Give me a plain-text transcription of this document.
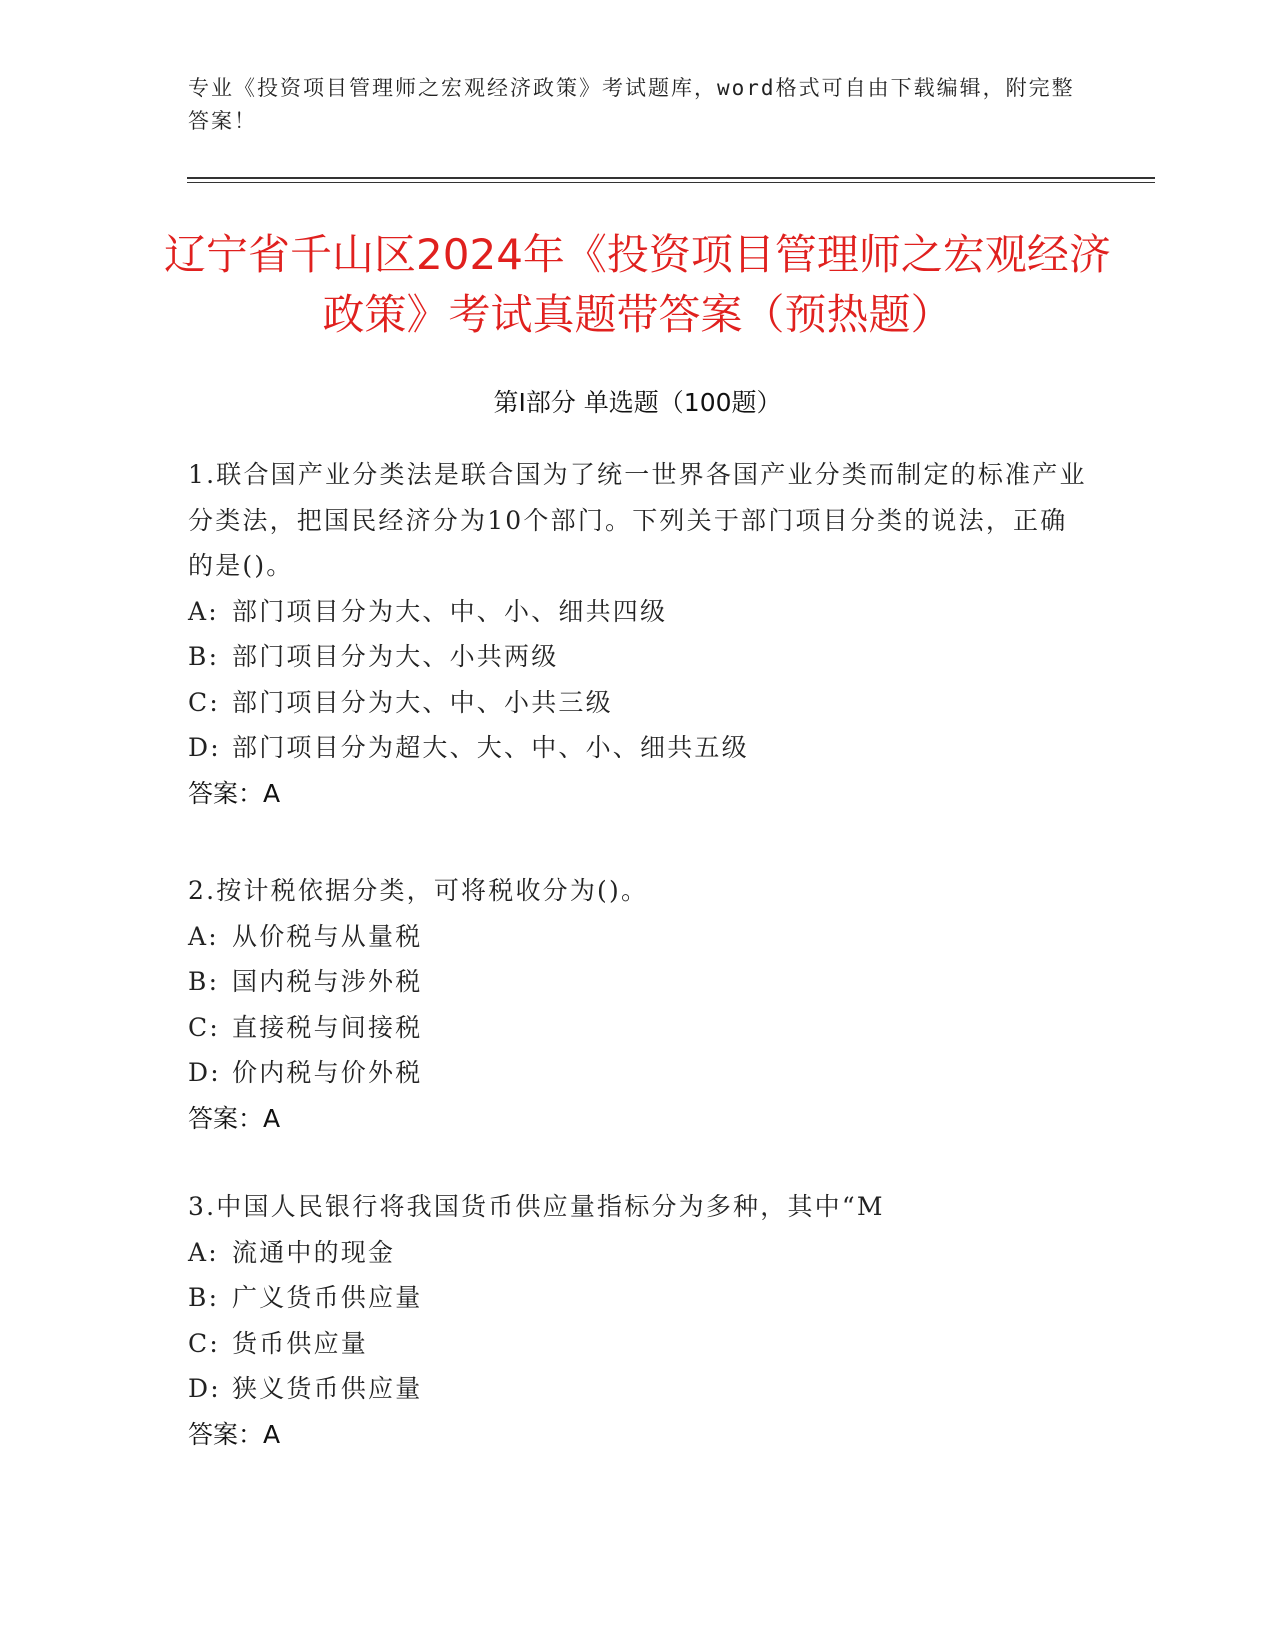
专业《投资项目管理师之宏观经济政策》考试题库，word格式可自由下载编辑，附完整答案！
辽宁省千山区2024年《投资项目管理师之宏观经济政策》考试真题带答案（预热题）
第Ⅰ部分 单选题（100题）
1.联合国产业分类法是联合国为了统一世界各国产业分类而制定的标准产业分类法，把国民经济分为10个部门。下列关于部门项目分类的说法，正确的是()。
A: 部门项目分为大、中、小、细共四级
B: 部门项目分为大、小共两级
C: 部门项目分为大、中、小共三级
D: 部门项目分为超大、大、中、小、细共五级
答案：A
2.按计税依据分类，可将税收分为()。
A: 从价税与从量税
B: 国内税与涉外税
C: 直接税与间接税
D: 价内税与价外税
答案：A
3.中国人民银行将我国货币供应量指标分为多种，其中“M
A: 流通中的现金
B: 广义货币供应量
C: 货币供应量
D: 狭义货币供应量
答案：A
